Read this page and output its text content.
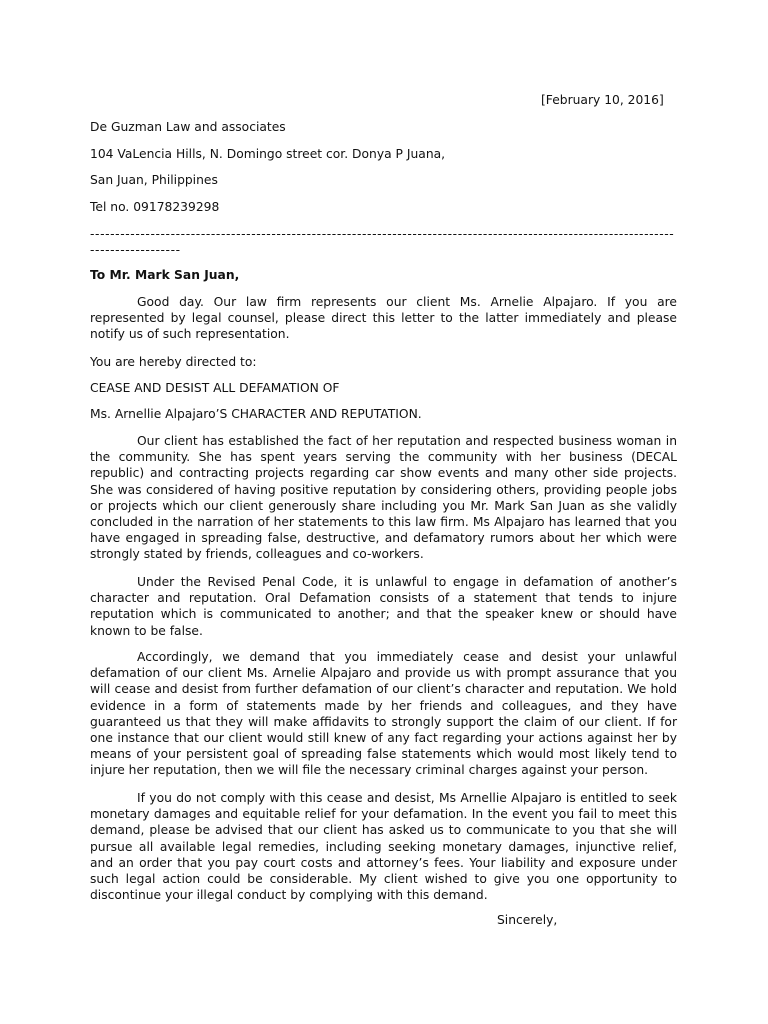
[February 10, 2016]
De Guzman Law and associates
104 VaLencia Hills, N. Domingo street cor. Donya P Juana,
San Juan, Philippines
Tel no. 09178239298
--------------------------------------------------------------------------------------------------------------------------------------
To Mr. Mark San Juan,
Good day. Our law firm represents our client Ms. Arnelie Alpajaro. If you are represented by legal counsel, please direct this letter to the latter immediately and please notify us of such representation.
You are hereby directed to:
CEASE AND DESIST ALL DEFAMATION OF
Ms. Arnellie Alpajaro’S CHARACTER AND REPUTATION.
Our client has established the fact of her reputation and respected business woman in the community. She has spent years serving the community with her business (DECAL republic) and contracting projects regarding car show events and many other side projects. She was considered of having positive reputation by considering others, providing people jobs or projects which our client generously share including you Mr. Mark San Juan as she validly concluded in the narration of her statements to this law firm. Ms Alpajaro has learned that you have engaged in spreading false, destructive, and defamatory rumors about her which were strongly stated by friends, colleagues and co-workers.
Under the Revised Penal Code, it is unlawful to engage in defamation of another’s character and reputation. Oral Defamation consists of a statement that tends to injure reputation which is communicated to another; and that the speaker knew or should have known to be false.
Accordingly, we demand that you immediately cease and desist your unlawful defamation of our client Ms. Arnelie Alpajaro and provide us with prompt assurance that you will cease and desist from further defamation of our client’s character and reputation. We hold evidence in a form of statements made by her friends and colleagues, and they have guaranteed us that they will make affidavits to strongly support the claim of our client. If for one instance that our client would still knew of any fact regarding your actions against her by means of your persistent goal of spreading false statements which would most likely tend to injure her reputation, then we will file the necessary criminal charges against your person.
If you do not comply with this cease and desist, Ms Arnellie Alpajaro is entitled to seek monetary damages and equitable relief for your defamation. In the event you fail to meet this demand, please be advised that our client has asked us to communicate to you that she will pursue all available legal remedies, including seeking monetary damages, injunctive relief, and an order that you pay court costs and attorney’s fees. Your liability and exposure under such legal action could be considerable. My client wished to give you one opportunity to discontinue your illegal conduct by complying with this demand.
Sincerely,
